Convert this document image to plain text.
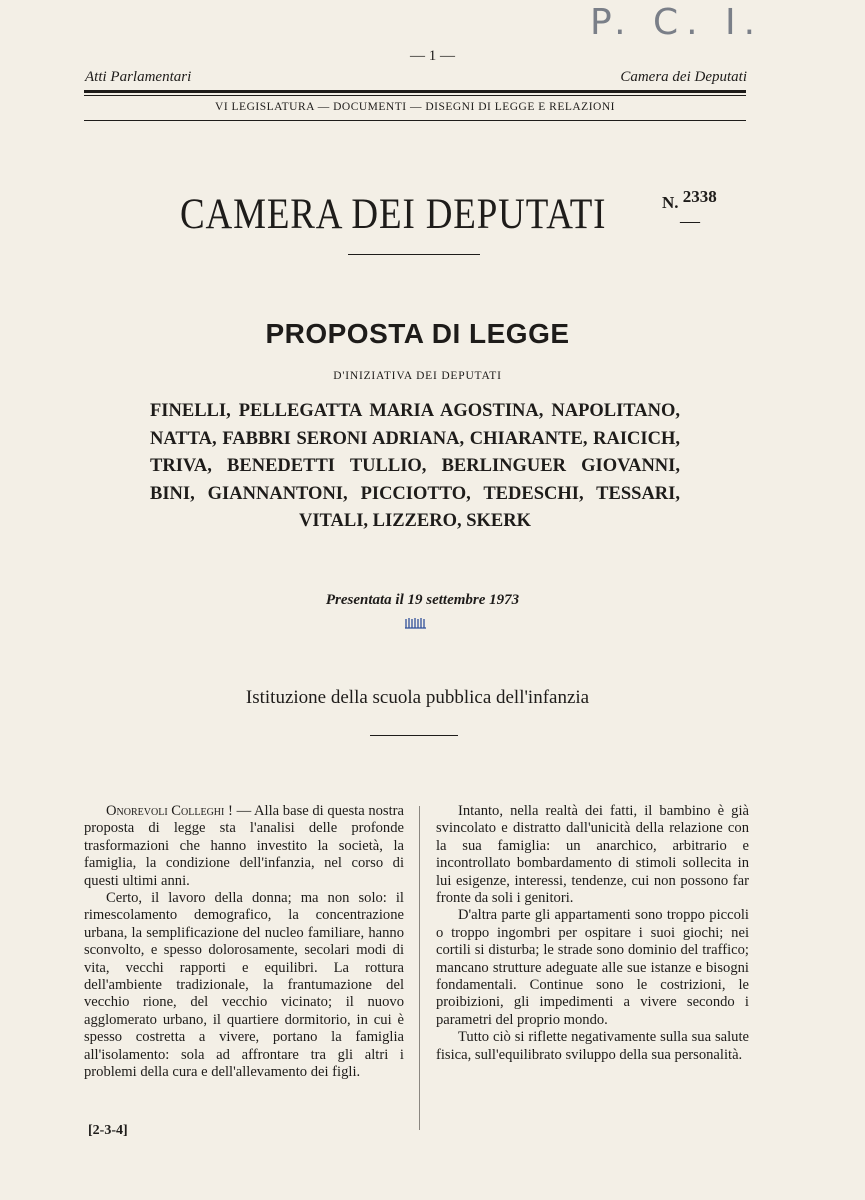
P. C. I.
— 1 —
Atti Parlamentari	Camera dei Deputati
VI LEGISLATURA — DOCUMENTI — DISEGNI DI LEGGE E RELAZIONI
CAMERA DEI DEPUTATI	N. 2338
—
PROPOSTA DI LEGGE
D'INIZIATIVA DEI DEPUTATI
FINELLI, PELLEGATTA MARIA AGOSTINA, NAPOLITANO,
NATTA, FABBRI SERONI ADRIANA, CHIARANTE, RAICICH,
TRIVA, BENEDETTI TULLIO, BERLINGUER GIOVANNI,
BINI, GIANNANTONI, PICCIOTTO, TEDESCHI, TESSARI,
VITALI, LIZZERO, SKERK
Presentata il 19 settembre 1973
Istituzione della scuola pubblica dell'infanzia

Onorevoli Colleghi ! — Alla base di questa nostra proposta di legge sta l'analisi delle profonde trasformazioni che hanno investito la società, la famiglia, la condizione dell'infanzia, nel corso di questi ultimi anni.

Certo, il lavoro della donna; ma non solo: il rimescolamento demografico, la concentrazione urbana, la semplificazione del nucleo familiare, hanno sconvolto, e spesso dolorosamente, secolari modi di vita, vecchi rapporti e equilibri. La rottura dell'ambiente tradizionale, la frantumazione del vecchio rione, del vecchio vicinato; il nuovo agglomerato urbano, il quartiere dormitorio, in cui è spesso costretta a vivere, portano la famiglia all'isolamento: sola ad affrontare tra gli altri i problemi della cura e dell'allevamento dei figli.

Intanto, nella realtà dei fatti, il bambino è già svincolato e distratto dall'unicità della relazione con la sua famiglia: un anarchico, arbitrario e incontrollato bombardamento di stimoli sollecita in lui esigenze, interessi, tendenze, cui non possono far fronte da soli i genitori.

D'altra parte gli appartamenti sono troppo piccoli o troppo ingombri per ospitare i suoi giochi; nei cortili si disturba; le strade sono dominio del traffico; mancano strutture adeguate alle sue istanze e bisogni fondamentali. Continue sono le costrizioni, le proibizioni, gli impedimenti a vivere secondo i parametri del proprio mondo.

Tutto ciò si riflette negativamente sulla sua salute fisica, sull'equilibrato sviluppo della sua personalità.

[2-3-4]
